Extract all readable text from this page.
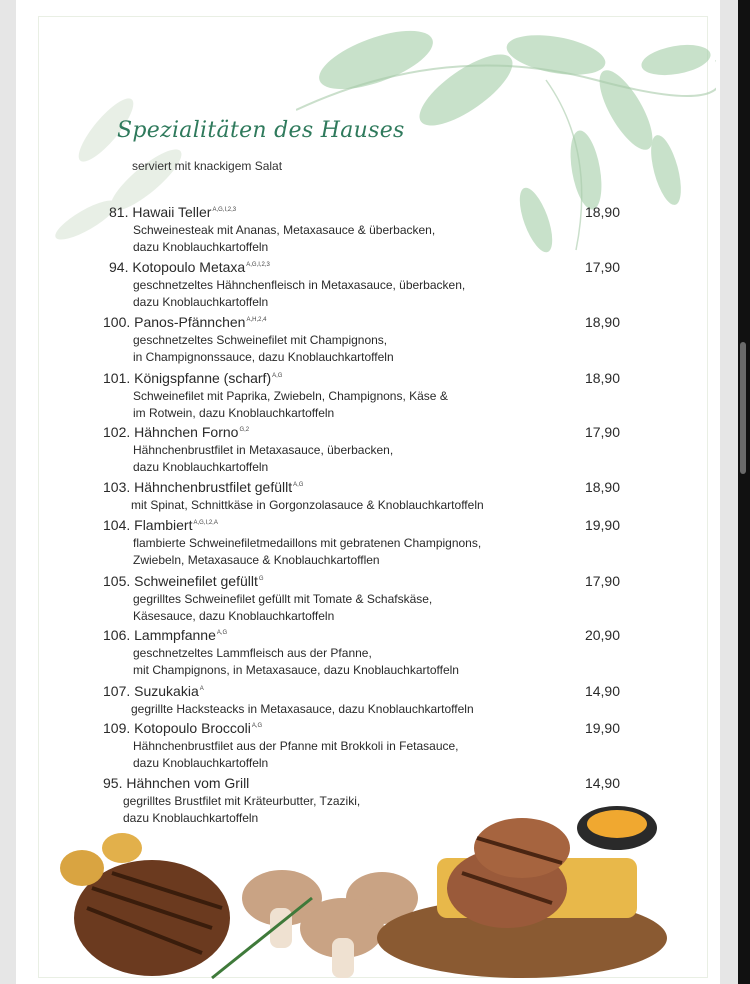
Spezialitäten des Hauses
serviert mit knackigem Salat
81. Hawaii Teller$^{A,G,I,2,3}$	18,90
Schweinesteak mit Ananas, Metaxasauce & überbacken,
dazu Knoblauchkartoffeln
94. Kotopoulo Metaxa$^{A,G,I,2,3}$	17,90
geschnetzeltes Hähnchenfleisch in Metaxasauce, überbacken,
dazu Knoblauchkartoffeln
100. Panos-Pfännchen$^{A,H,2,4}$	18,90
geschnetzeltes Schweinefilet mit Champignons,
in Champignonssauce, dazu Knoblauchkartoffeln
101. Königspfanne (scharf)$^{A,G}$	18,90
Schweinefilet mit Paprika, Zwiebeln, Champignons, Käse &
im Rotwein, dazu Knoblauchkartoffeln
102. Hähnchen Forno$^{G,2}$	17,90
Hähnchenbrustfilet in Metaxasauce, überbacken,
dazu Knoblauchkartoffeln
103. Hähnchenbrustfilet gefüllt$^{A,G}$	18,90
mit Spinat, Schnittkäse in Gorgonzolasauce & Knoblauchkartoffeln
104. Flambiert$^{A,G,I,2,A}$	19,90
flambierte Schweinefiletmedaillons mit gebratenen Champignons,
Zwiebeln, Metaxasauce & Knoblauchkartofflen
105. Schweinefilet gefüllt$^G$	17,90
gegrilltes Schweinefilet gefüllt mit Tomate & Schafskäse,
Käsesauce, dazu Knoblauchkartoffeln
106. Lammpfanne$^{A,G}$	20,90
geschnetzeltes Lammfleisch aus der Pfanne,
mit Champignons, in Metaxasauce, dazu Knoblauchkartoffeln
107. Suzukakia$^A$	14,90
gegrillte Hacksteacks in Metaxasauce, dazu Knoblauchkartoffeln
109. Kotopoulo Broccoli$^{A,G}$	19,90
Hähnchenbrustfilet aus der Pfanne mit Brokkoli in Fetasauce,
dazu Knoblauchkartoffeln
95. Hähnchen vom Grill	14,90
gegrilltes Brustfilet mit Kräteurbutter, Tzaziki,
dazu Knoblauchkartoffeln
